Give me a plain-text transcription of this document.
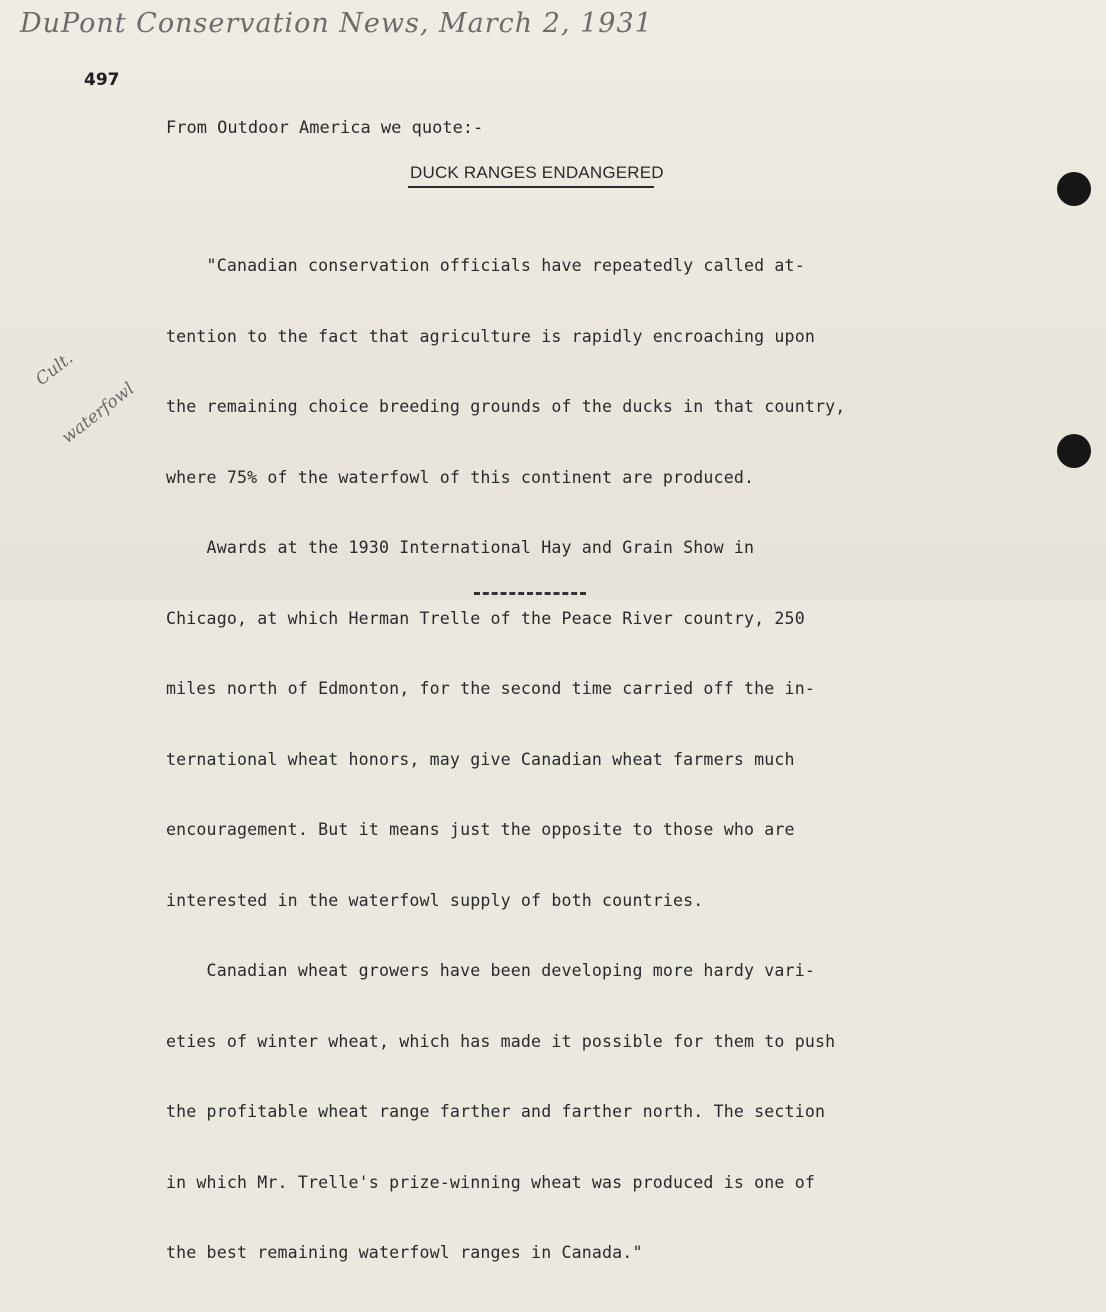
DuPont Conservation News, March 2, 1931
497
From Outdoor America we quote:-
DUCK RANGES ENDANGERED

"Canadian conservation officials have repeatedly called at-

tention to the fact that agriculture is rapidly encroaching upon

the remaining choice breeding grounds of the ducks in that country,

where 75% of the waterfowl of this continent are produced.

Awards at the 1930 International Hay and Grain Show in

Chicago, at which Herman Trelle of the Peace River country, 250

miles north of Edmonton, for the second time carried off the in-

ternational wheat honors, may give Canadian wheat farmers much

encouragement. But it means just the opposite to those who are

interested in the waterfowl supply of both countries.

Canadian wheat growers have been developing more hardy vari-

eties of winter wheat, which has made it possible for them to push

the profitable wheat range farther and farther north. The section

in which Mr. Trelle's prize-winning wheat was produced is one of

the best remaining waterfowl ranges in Canada."

Cult.
waterfowl
